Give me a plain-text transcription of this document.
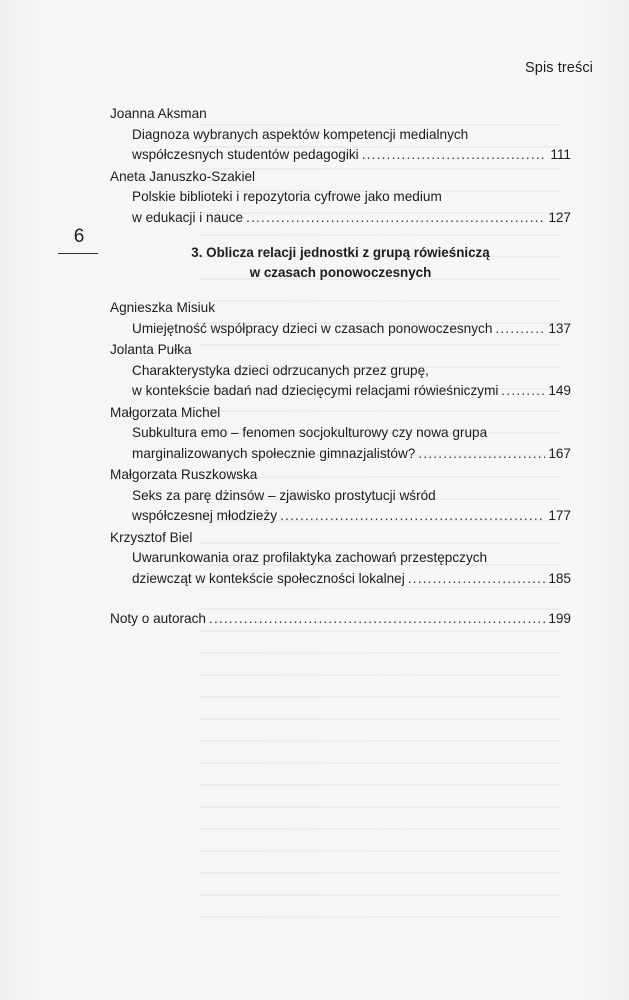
Spis treści
6
Joanna Aksman
Diagnoza wybranych aspektów kompetencji medialnych
współczesnych studentów pedagogiki .....	111
Aneta Januszko-Szakiel
Polskie biblioteki i repozytoria cyfrowe jako medium
w edukacji i nauce .....	127
3. Oblicza relacji jednostki z grupą rówieśniczą
w czasach ponowoczesnych
Agnieszka Misiuk
Umiejętność współpracy dzieci w czasach ponowoczesnych .....	137
Jolanta Pułka
Charakterystyka dzieci odrzucanych przez grupę,
w kontekście badań nad dziecięcymi relacjami rówieśniczymi .....	149
Małgorzata Michel
Subkultura emo – fenomen socjokulturowy czy nowa grupa
marginalizowanych społecznie gimnazjalistów? .....	167
Małgorzata Ruszkowska
Seks za parę dżinsów – zjawisko prostytucji wśród
współczesnej młodzieży .....	177
Krzysztof Biel
Uwarunkowania oraz profilaktyka zachowań przestępczych
dziewcząt w kontekście społeczności lokalnej .....	185
Noty o autorach .....	199
